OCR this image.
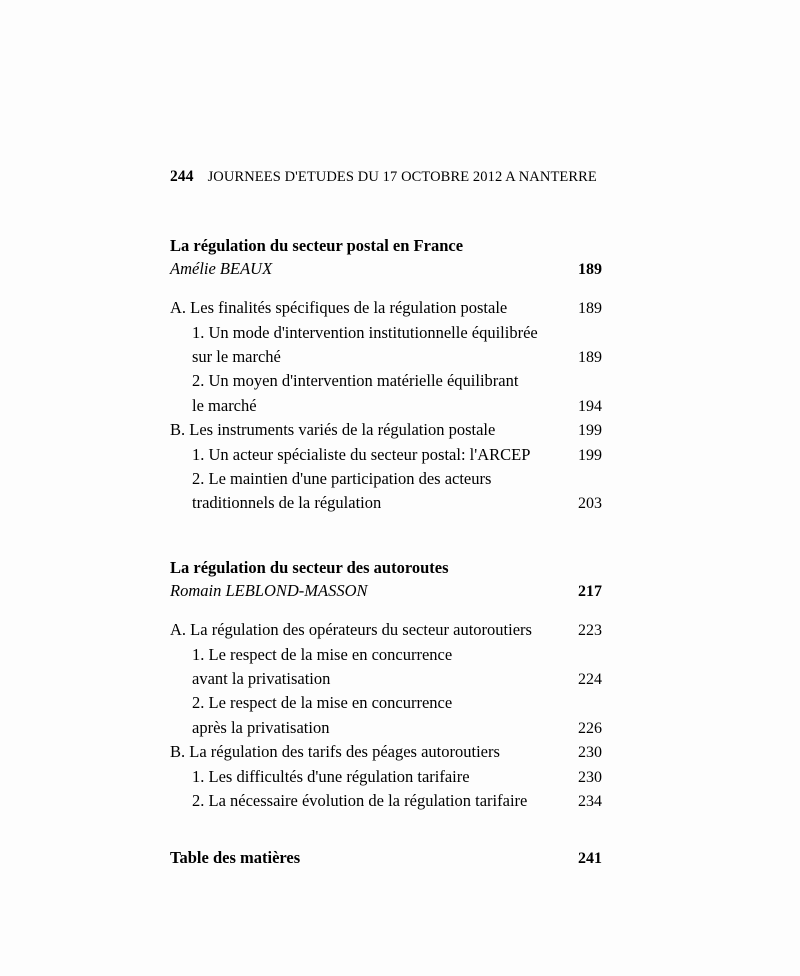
244 JOURNEES D'ETUDES DU 17 OCTOBRE 2012 A NANTERRE
La régulation du secteur postal en France
Amélie BEAUX	189
A. Les finalités spécifiques de la régulation postale	189
1. Un mode d'intervention institutionnelle équilibrée
sur le marché	189
2. Un moyen d'intervention matérielle équilibrant
le marché	194
B. Les instruments variés de la régulation postale	199
1. Un acteur spécialiste du secteur postal: l'ARCEP	199
2. Le maintien d'une participation des acteurs
traditionnels de la régulation	203
La régulation du secteur des autoroutes
Romain LEBLOND-MASSON	217
A. La régulation des opérateurs du secteur autoroutiers	223
1. Le respect de la mise en concurrence
avant la privatisation	224
2. Le respect de la mise en concurrence
après la privatisation	226
B. La régulation des tarifs des péages autoroutiers	230
1. Les difficultés d'une régulation tarifaire	230
2. La nécessaire évolution de la régulation tarifaire	234
Table des matières	241
